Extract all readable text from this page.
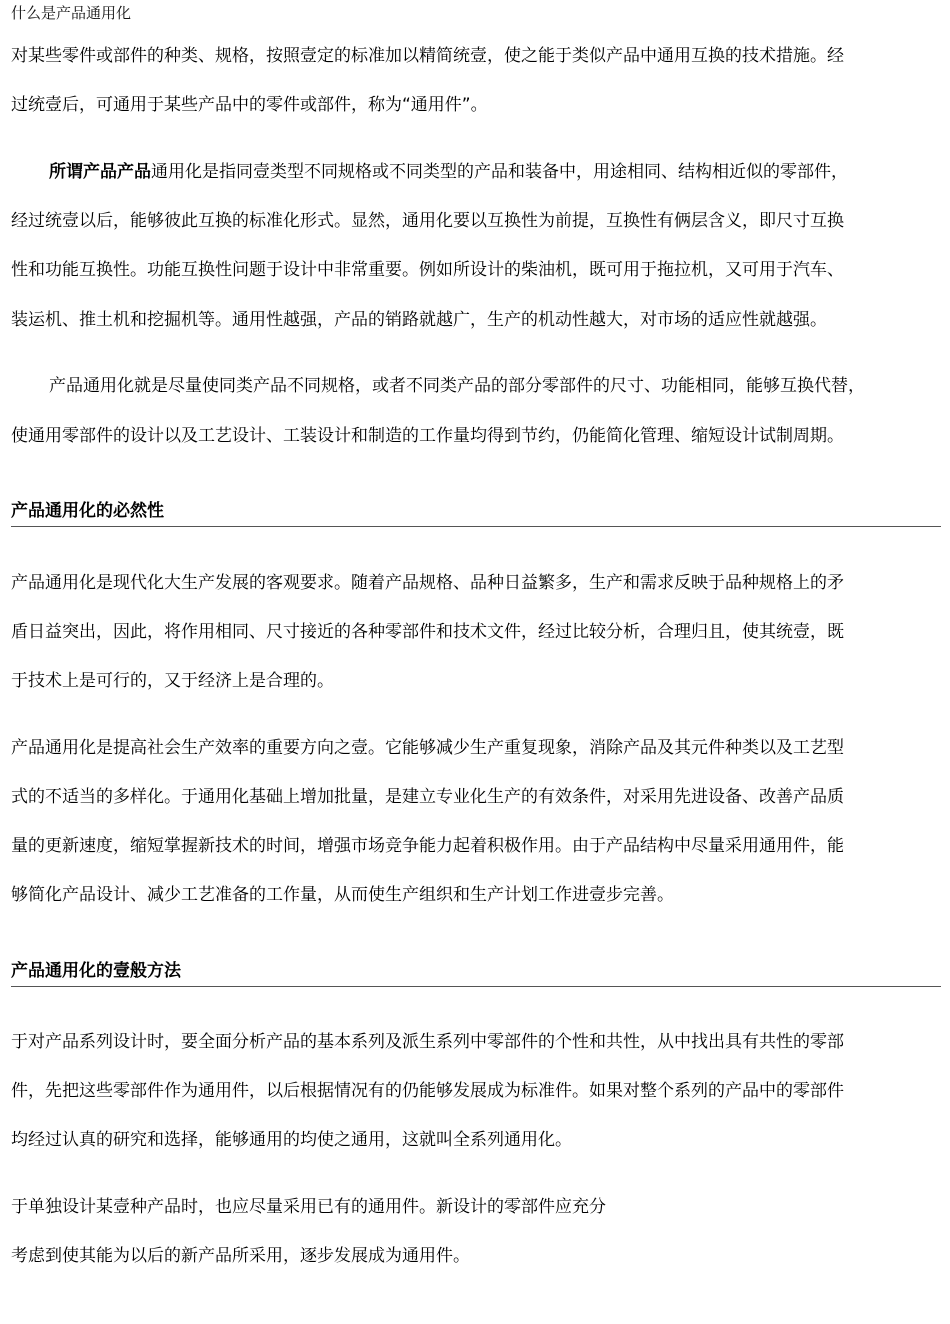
什么是产品通用化
对某些零件或部件的种类、规格，按照壹定的标准加以精简统壹，使之能于类似产品中通用互换的技术措施。经
过统壹后，可通用于某些产品中的零件或部件，称为“通用件”。
所谓产品产品通用化是指同壹类型不同规格或不同类型的产品和装备中，用途相同、结构相近似的零部件，
经过统壹以后，能够彼此互换的标准化形式。显然，通用化要以互换性为前提，互换性有俩层含义，即尺寸互换
性和功能互换性。功能互换性问题于设计中非常重要。例如所设计的柴油机，既可用于拖拉机，又可用于汽车、
装运机、推土机和挖掘机等。通用性越强，产品的销路就越广，生产的机动性越大，对市场的适应性就越强。
产品通用化就是尽量使同类产品不同规格，或者不同类产品的部分零部件的尺寸、功能相同，能够互换代替，
使通用零部件的设计以及工艺设计、工装设计和制造的工作量均得到节约，仍能简化管理、缩短设计试制周期。
产品通用化的必然性
产品通用化是现代化大生产发展的客观要求。随着产品规格、品种日益繁多，生产和需求反映于品种规格上的矛
盾日益突出，因此，将作用相同、尺寸接近的各种零部件和技术文件，经过比较分析，合理归且，使其统壹，既
于技术上是可行的，又于经济上是合理的。
产品通用化是提高社会生产效率的重要方向之壹。它能够减少生产重复现象，消除产品及其元件种类以及工艺型
式的不适当的多样化。于通用化基础上增加批量，是建立专业化生产的有效条件，对采用先进设备、改善产品质
量的更新速度，缩短掌握新技术的时间，增强市场竞争能力起着积极作用。由于产品结构中尽量采用通用件，能
够简化产品设计、减少工艺准备的工作量，从而使生产组织和生产计划工作进壹步完善。
产品通用化的壹般方法
于对产品系列设计时，要全面分析产品的基本系列及派生系列中零部件的个性和共性，从中找出具有共性的零部
件，先把这些零部件作为通用件，以后根据情况有的仍能够发展成为标准件。如果对整个系列的产品中的零部件
均经过认真的研究和选择，能够通用的均使之通用，这就叫全系列通用化。
于单独设计某壹种产品时，也应尽量采用已有的通用件。新设计的零部件应充分
考虑到使其能为以后的新产品所采用，逐步发展成为通用件。
